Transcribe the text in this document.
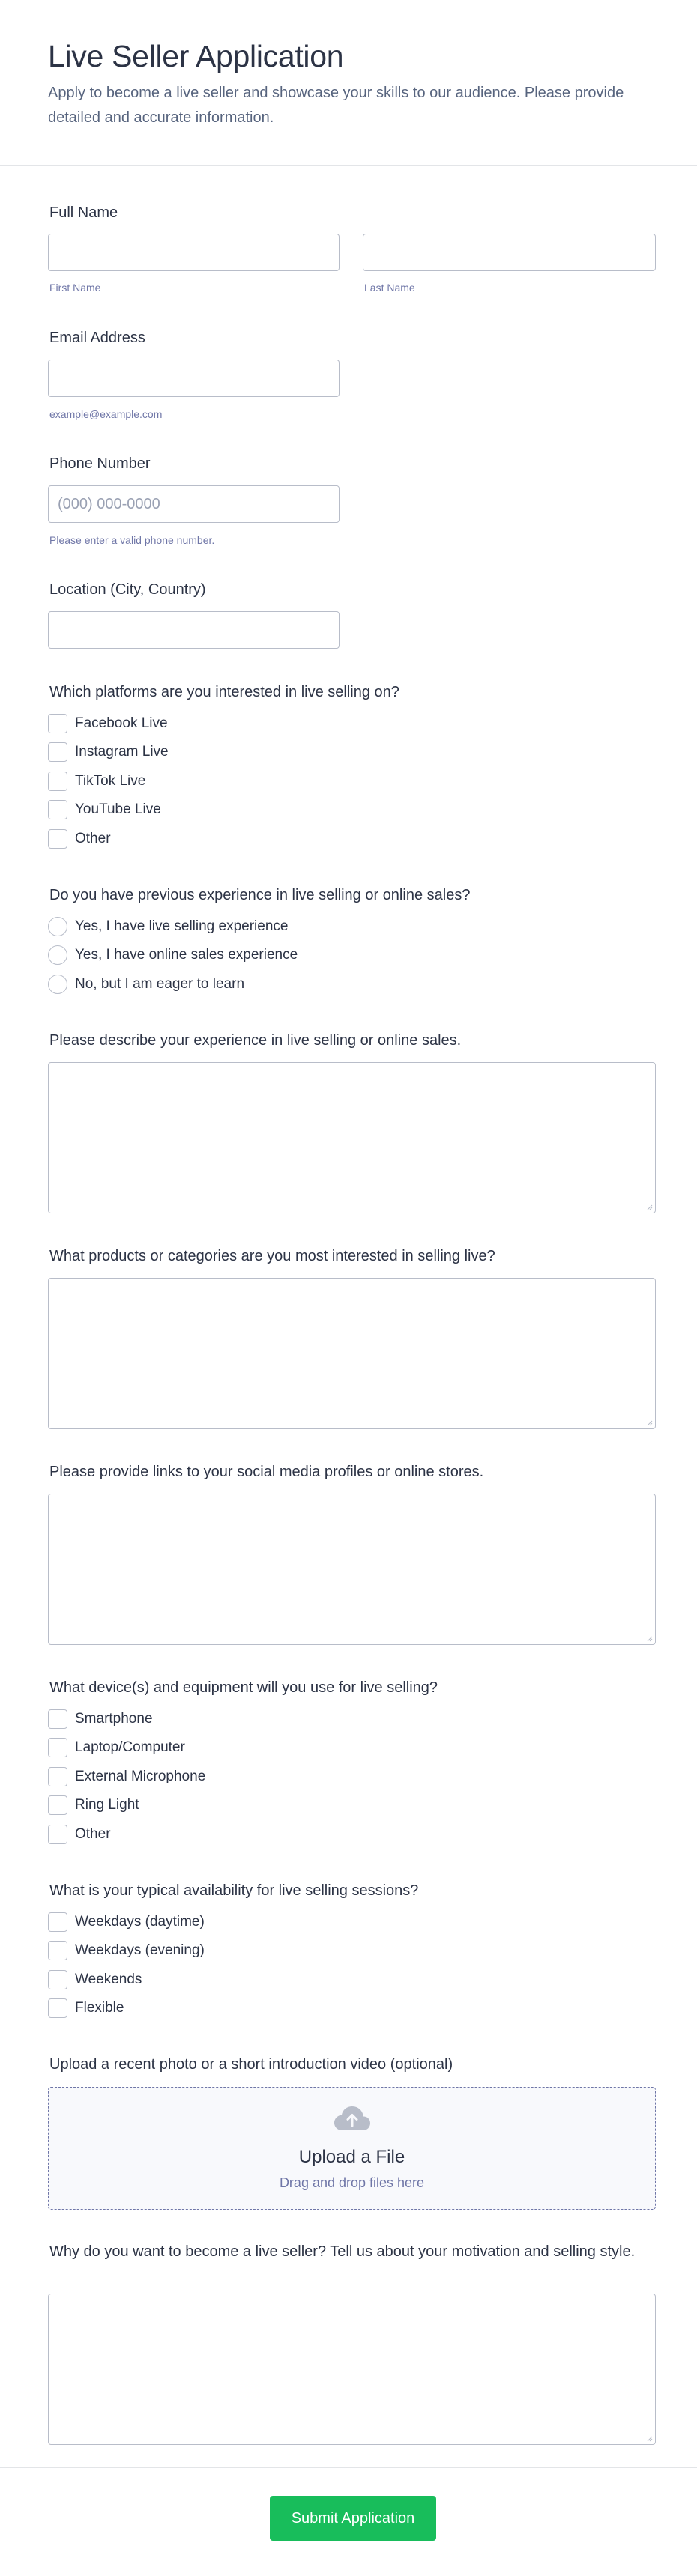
Live Seller Application

Apply to become a live seller and showcase your skills to our audience. Please provide detailed and accurate information.

Full Name
First Name	Last Name
Email Address
example@example.com
Phone Number
(000) 000-0000
Please enter a valid phone number.
Location (City, Country)
Which platforms are you interested in live selling on?
Facebook Live
Instagram Live
TikTok Live
YouTube Live
Other
Do you have previous experience in live selling or online sales?
Yes, I have live selling experience
Yes, I have online sales experience
No, but I am eager to learn
Please describe your experience in live selling or online sales.
What products or categories are you most interested in selling live?
Please provide links to your social media profiles or online stores.
What device(s) and equipment will you use for live selling?
Smartphone
Laptop/Computer
External Microphone
Ring Light
Other
What is your typical availability for live selling sessions?
Weekdays (daytime)
Weekdays (evening)
Weekends
Flexible
Upload a recent photo or a short introduction video (optional)
Upload a File
Drag and drop files here
Why do you want to become a live seller? Tell us about your motivation and selling style.
Submit Application
